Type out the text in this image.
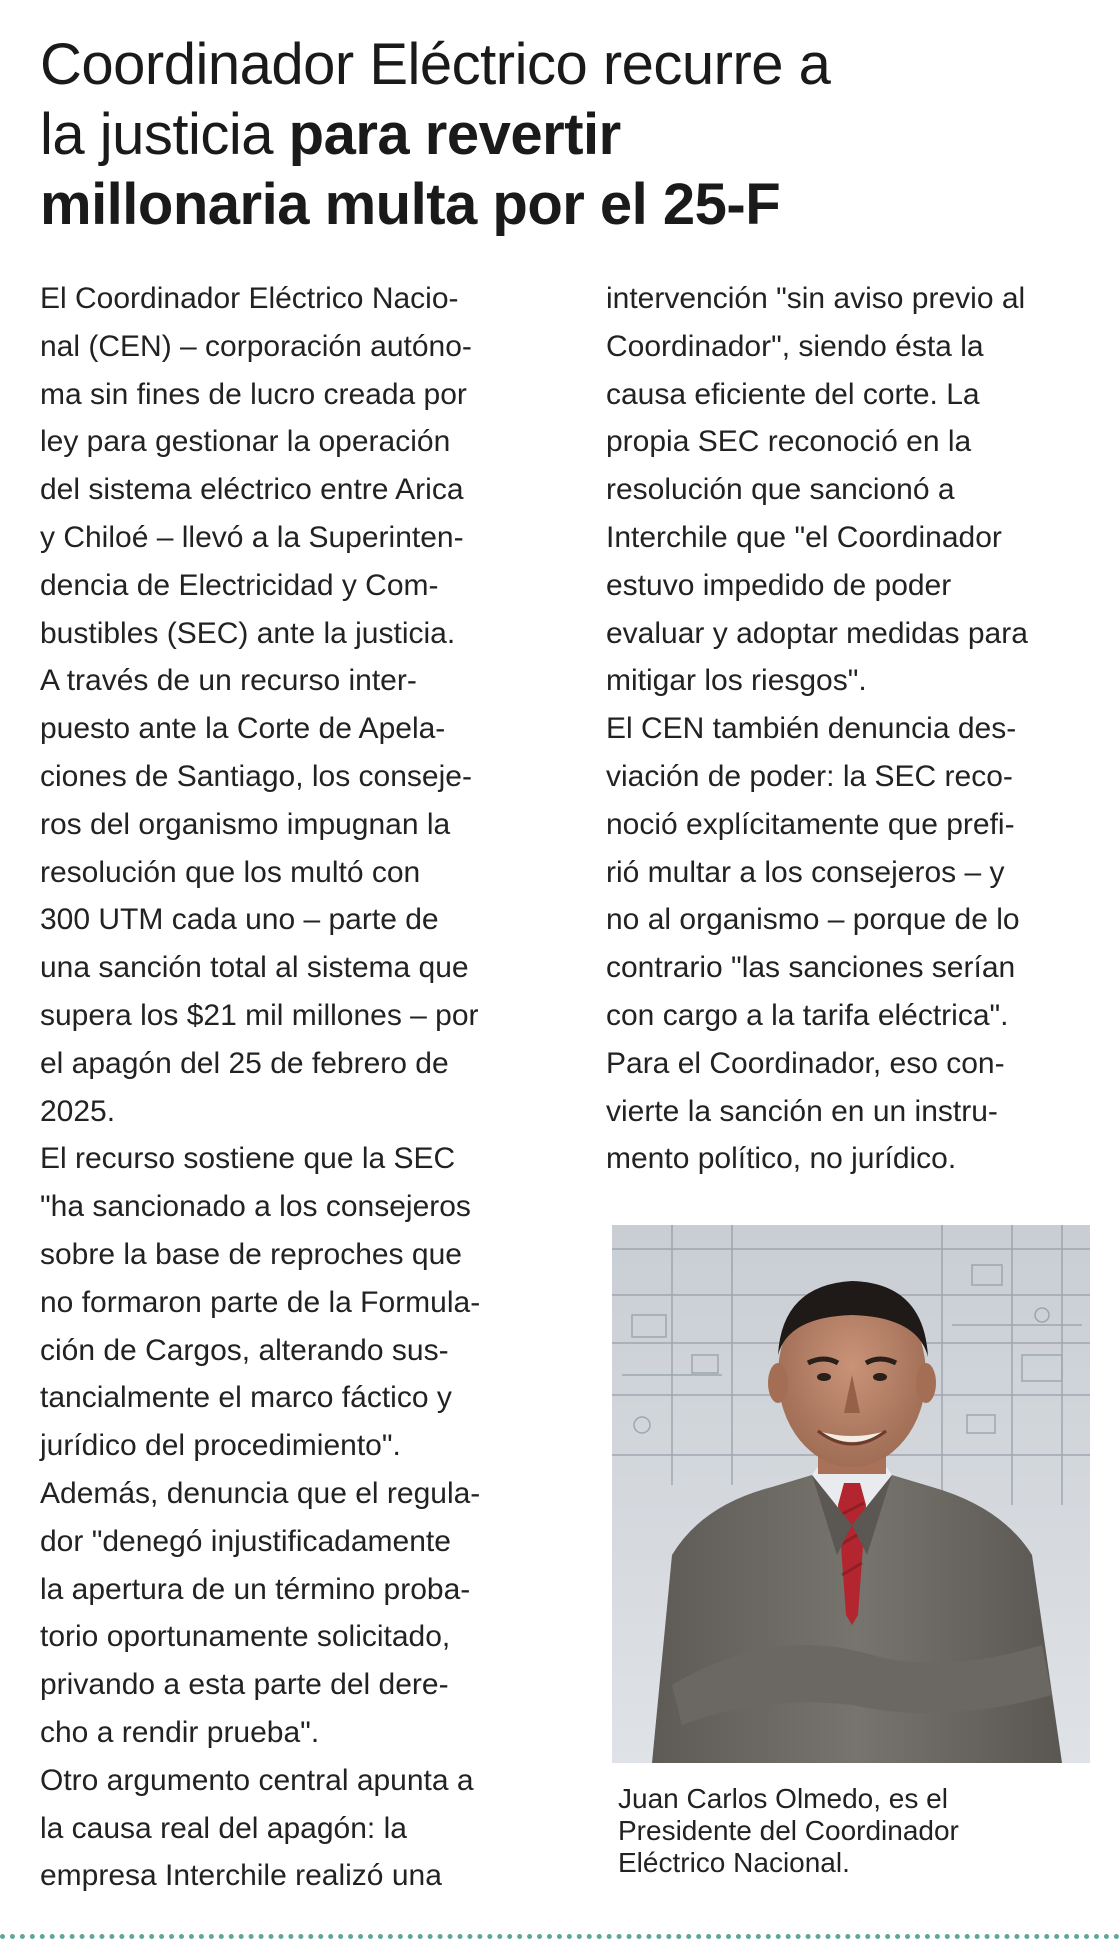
Coordinador Eléctrico recurre a
la justicia para revertir
millonaria multa por el 25-F
El Coordinador Eléctrico Nacio-
nal (CEN) – corporación autóno-
ma sin fines de lucro creada por
ley para gestionar la operación
del sistema eléctrico entre Arica
y Chiloé – llevó a la Superinten-
dencia de Electricidad y Com-
bustibles (SEC) ante la justicia.
A través de un recurso inter-
puesto ante la Corte de Apela-
ciones de Santiago, los conseje-
ros del organismo impugnan la
resolución que los multó con
300 UTM cada uno – parte de
una sanción total al sistema que
supera los $21 mil millones – por
el apagón del 25 de febrero de
2025.
El recurso sostiene que la SEC
"ha sancionado a los consejeros
sobre la base de reproches que
no formaron parte de la Formula-
ción de Cargos, alterando sus-
tancialmente el marco fáctico y
jurídico del procedimiento".
Además, denuncia que el regula-
dor "denegó injustificadamente
la apertura de un término proba-
torio oportunamente solicitado,
privando a esta parte del dere-
cho a rendir prueba".
Otro argumento central apunta a
la causa real del apagón: la
empresa Interchile realizó una
intervención "sin aviso previo al
Coordinador", siendo ésta la
causa eficiente del corte. La
propia SEC reconoció en la
resolución que sancionó a
Interchile que "el Coordinador
estuvo impedido de poder
evaluar y adoptar medidas para
mitigar los riesgos".
El CEN también denuncia des-
viación de poder: la SEC reco-
noció explícitamente que prefi-
rió multar a los consejeros – y
no al organismo – porque de lo
contrario "las sanciones serían
con cargo a la tarifa eléctrica".
Para el Coordinador, eso con-
vierte la sanción en un instru-
mento político, no jurídico.
Juan Carlos Olmedo, es el
Presidente del Coordinador
Eléctrico Nacional.
